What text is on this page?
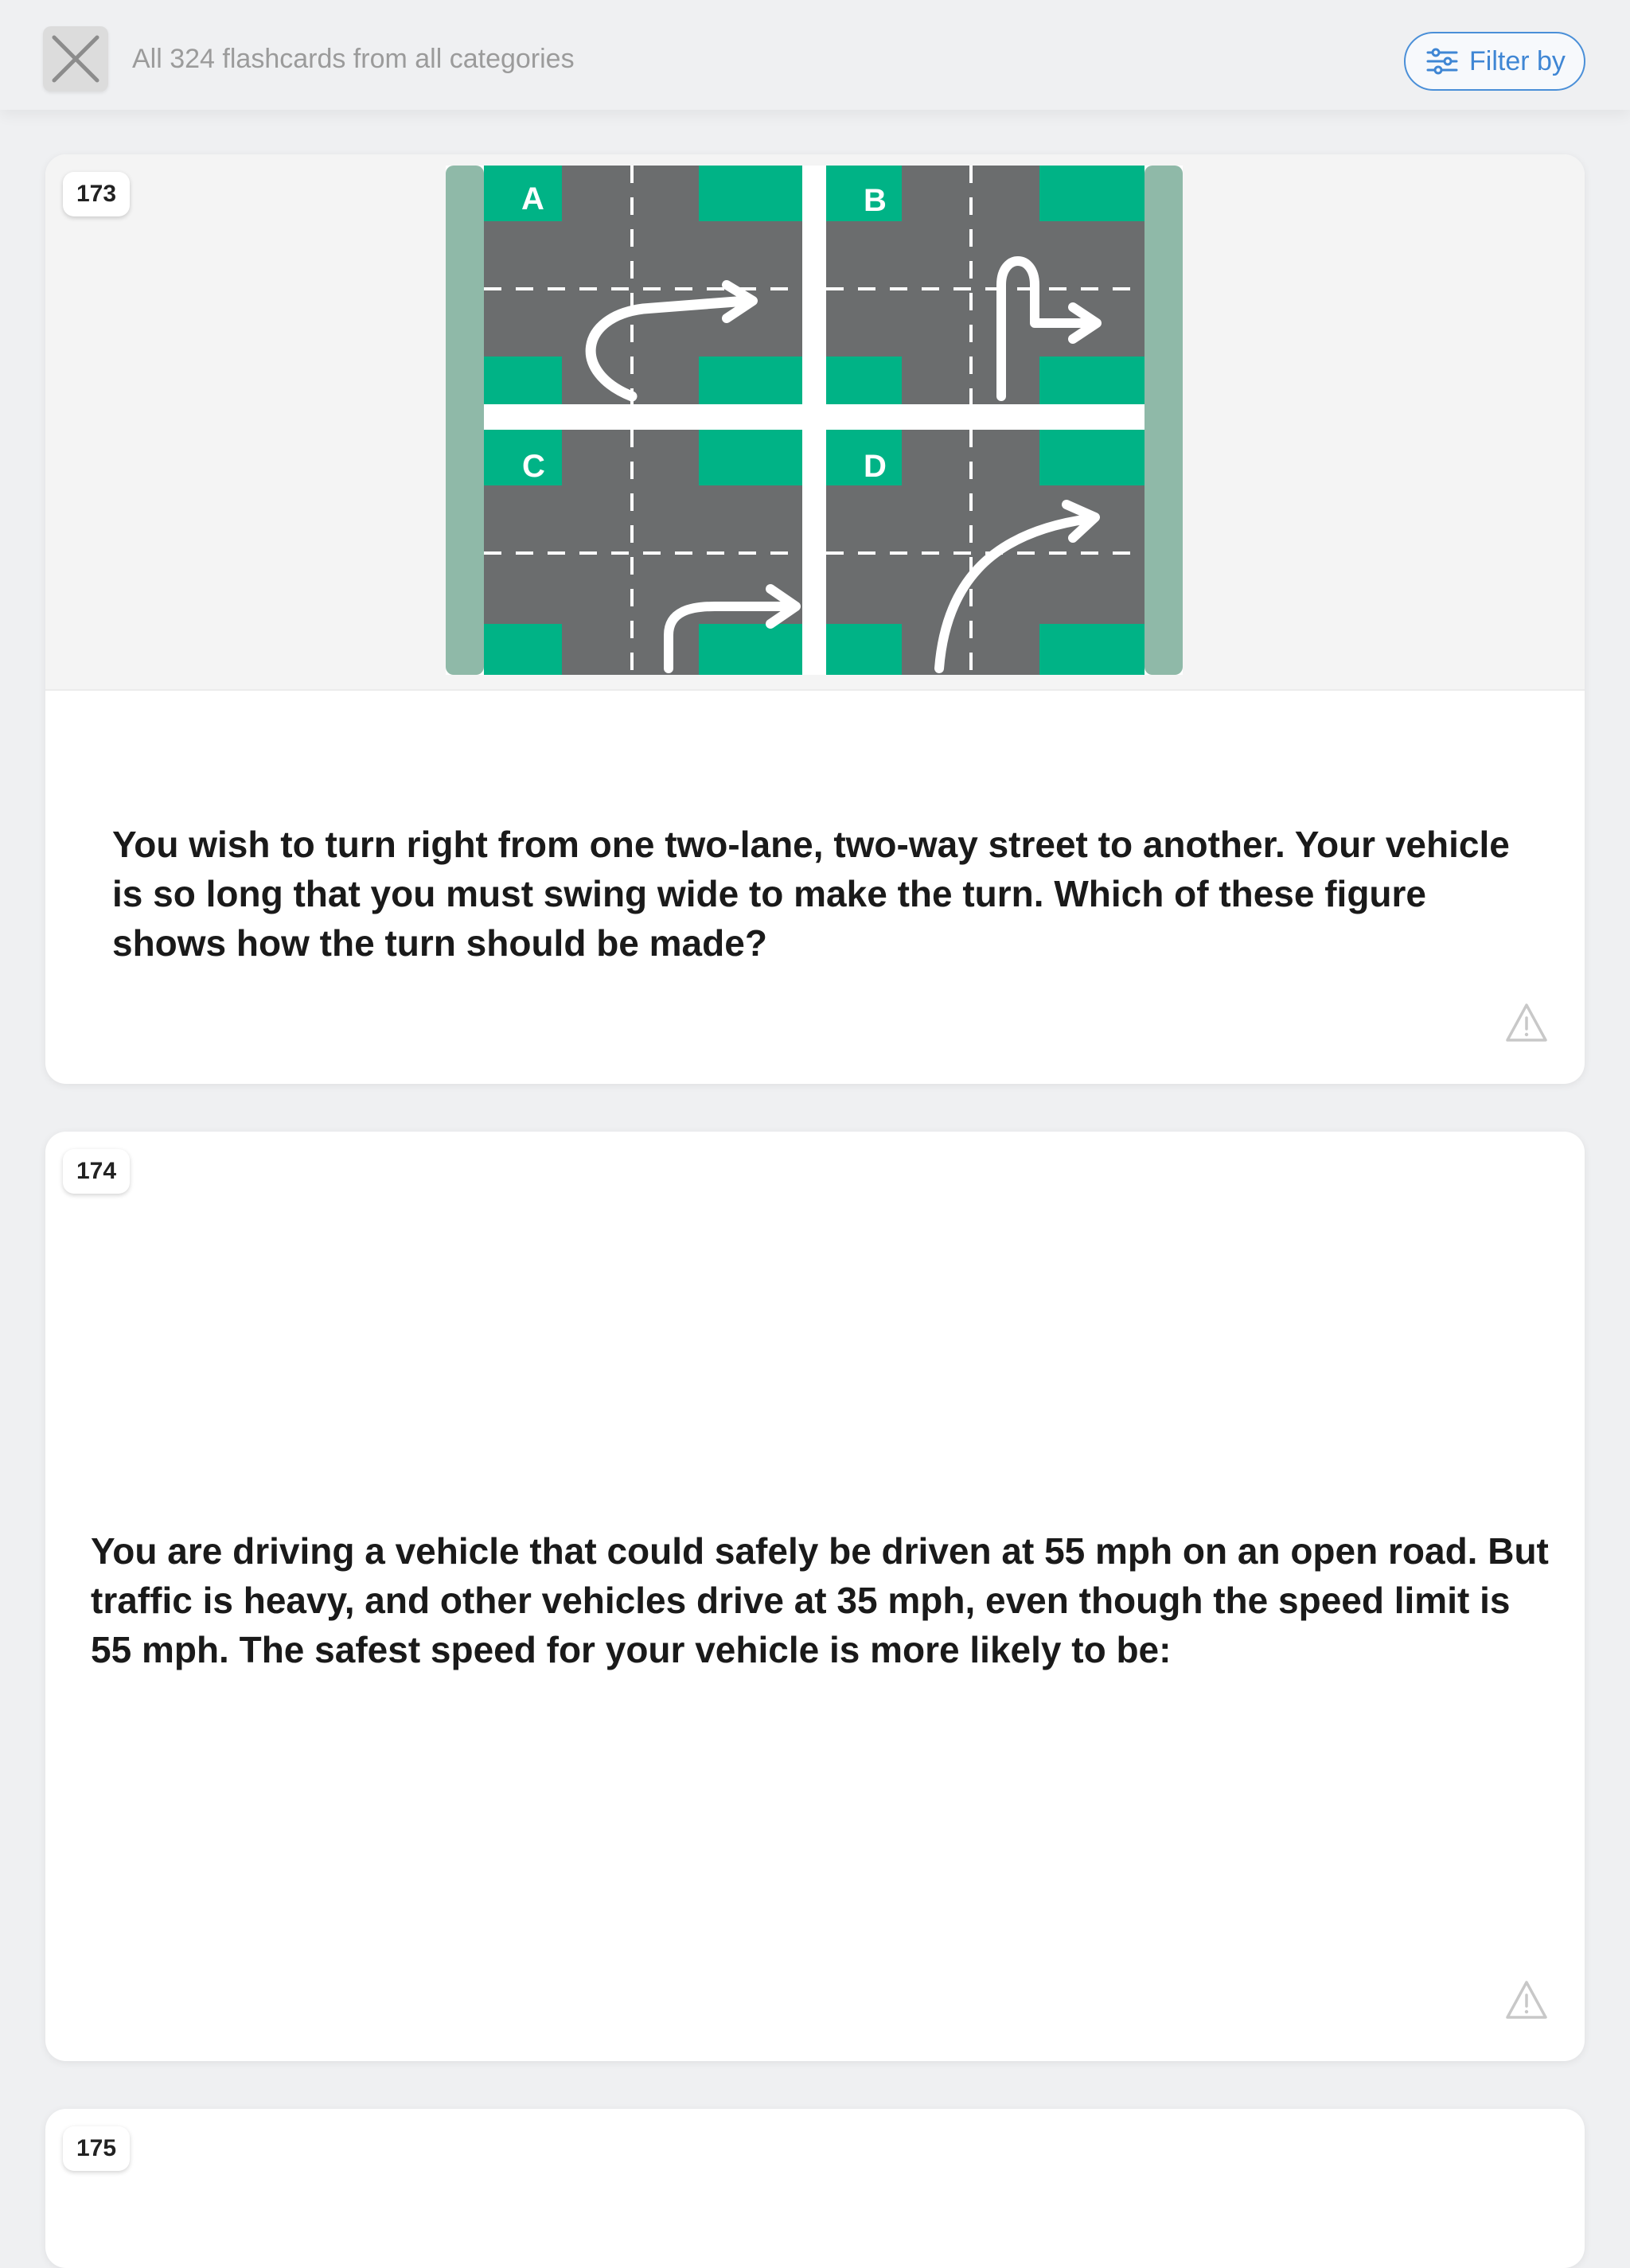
All 324 flashcards from all categories	Filter by
A	B
C	D
173
You wish to turn right from one two-lane, two-way street to another. Your vehicle is so long that you must swing wide to make the turn. Which of these figure shows how the turn should be made?
174
You are driving a vehicle that could safely be driven at 55 mph on an open road. But traffic is heavy, and other vehicles drive at 35 mph, even though the speed limit is 55 mph. The safest speed for your vehicle is more likely to be:
175
